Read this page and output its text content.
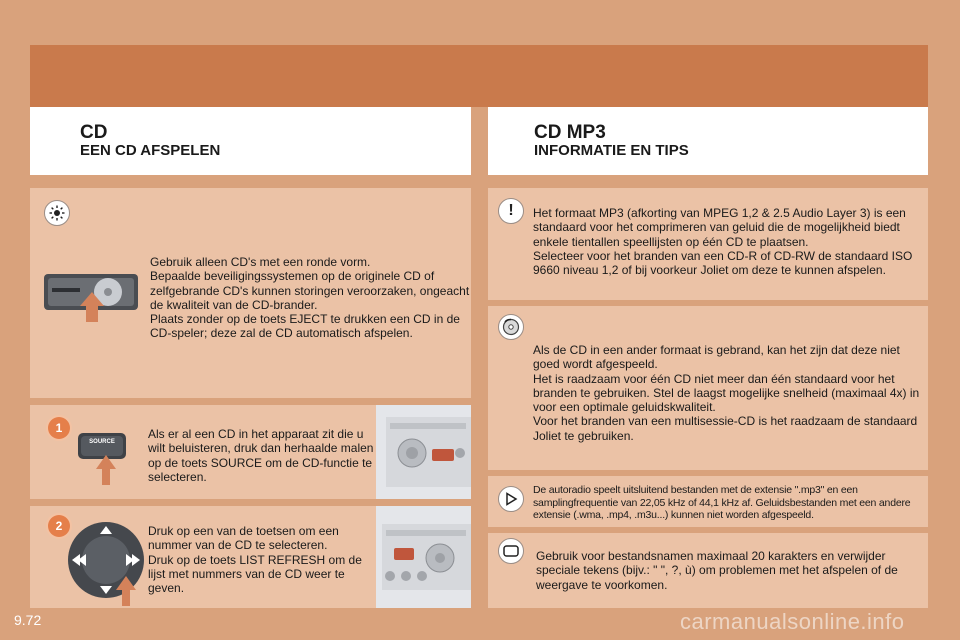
CD
EEN CD AFSPELEN
CD MP3
INFORMATIE EN TIPS
Gebruik alleen CD's met een ronde vorm.
Bepaalde beveiligingssystemen op de originele CD of zelfgebrande CD's kunnen storingen veroorzaken, ongeacht de kwaliteit van de CD-brander.
Plaats zonder op de toets EJECT te drukken een CD in de CD-speler; deze zal de CD automatisch afspelen.
1
SOURCE
Als er al een CD in het apparaat zit die u wilt beluisteren, druk dan herhaalde malen op de toets SOURCE om de CD-functie te selecteren.
2	Druk op een van de toetsen om een nummer van de CD te selecteren.
Druk op de toets LIST REFRESH om de lijst met nummers van de CD weer te geven.
!	Het formaat MP3 (afkorting van MPEG 1,2 & 2.5 Audio Layer 3) is een standaard voor het comprimeren van geluid die de mogelijkheid biedt enkele tientallen speellijsten op één CD te plaatsen.
Selecteer voor het branden van een CD-R of CD-RW de standaard ISO 9660 niveau 1,2 of bij voorkeur Joliet om deze te kunnen afspelen.
Als de CD in een ander formaat is gebrand, kan het zijn dat deze niet goed wordt afgespeeld.
Het is raadzaam voor één CD niet meer dan één standaard voor het branden te gebruiken. Stel de laagst mogelijke snelheid (maximaal 4x) in voor een optimale geluidskwaliteit.
Voor het branden van een multisessie-CD is het raadzaam de standaard Joliet te gebruiken.
De autoradio speelt uitsluitend bestanden met de extensie ".mp3" en een samplingfrequentie van 22,05 kHz of 44,1 kHz af. Geluidsbestanden met een andere extensie (.wma, .mp4, .m3u...) kunnen niet worden afgespeeld.
Gebruik voor bestandsnamen maximaal 20 karakters en verwijder speciale tekens (bijv.: " ", ?, ù) om problemen met het afspelen of de weergave te voorkomen.
9.72	carmanualsonline.info
